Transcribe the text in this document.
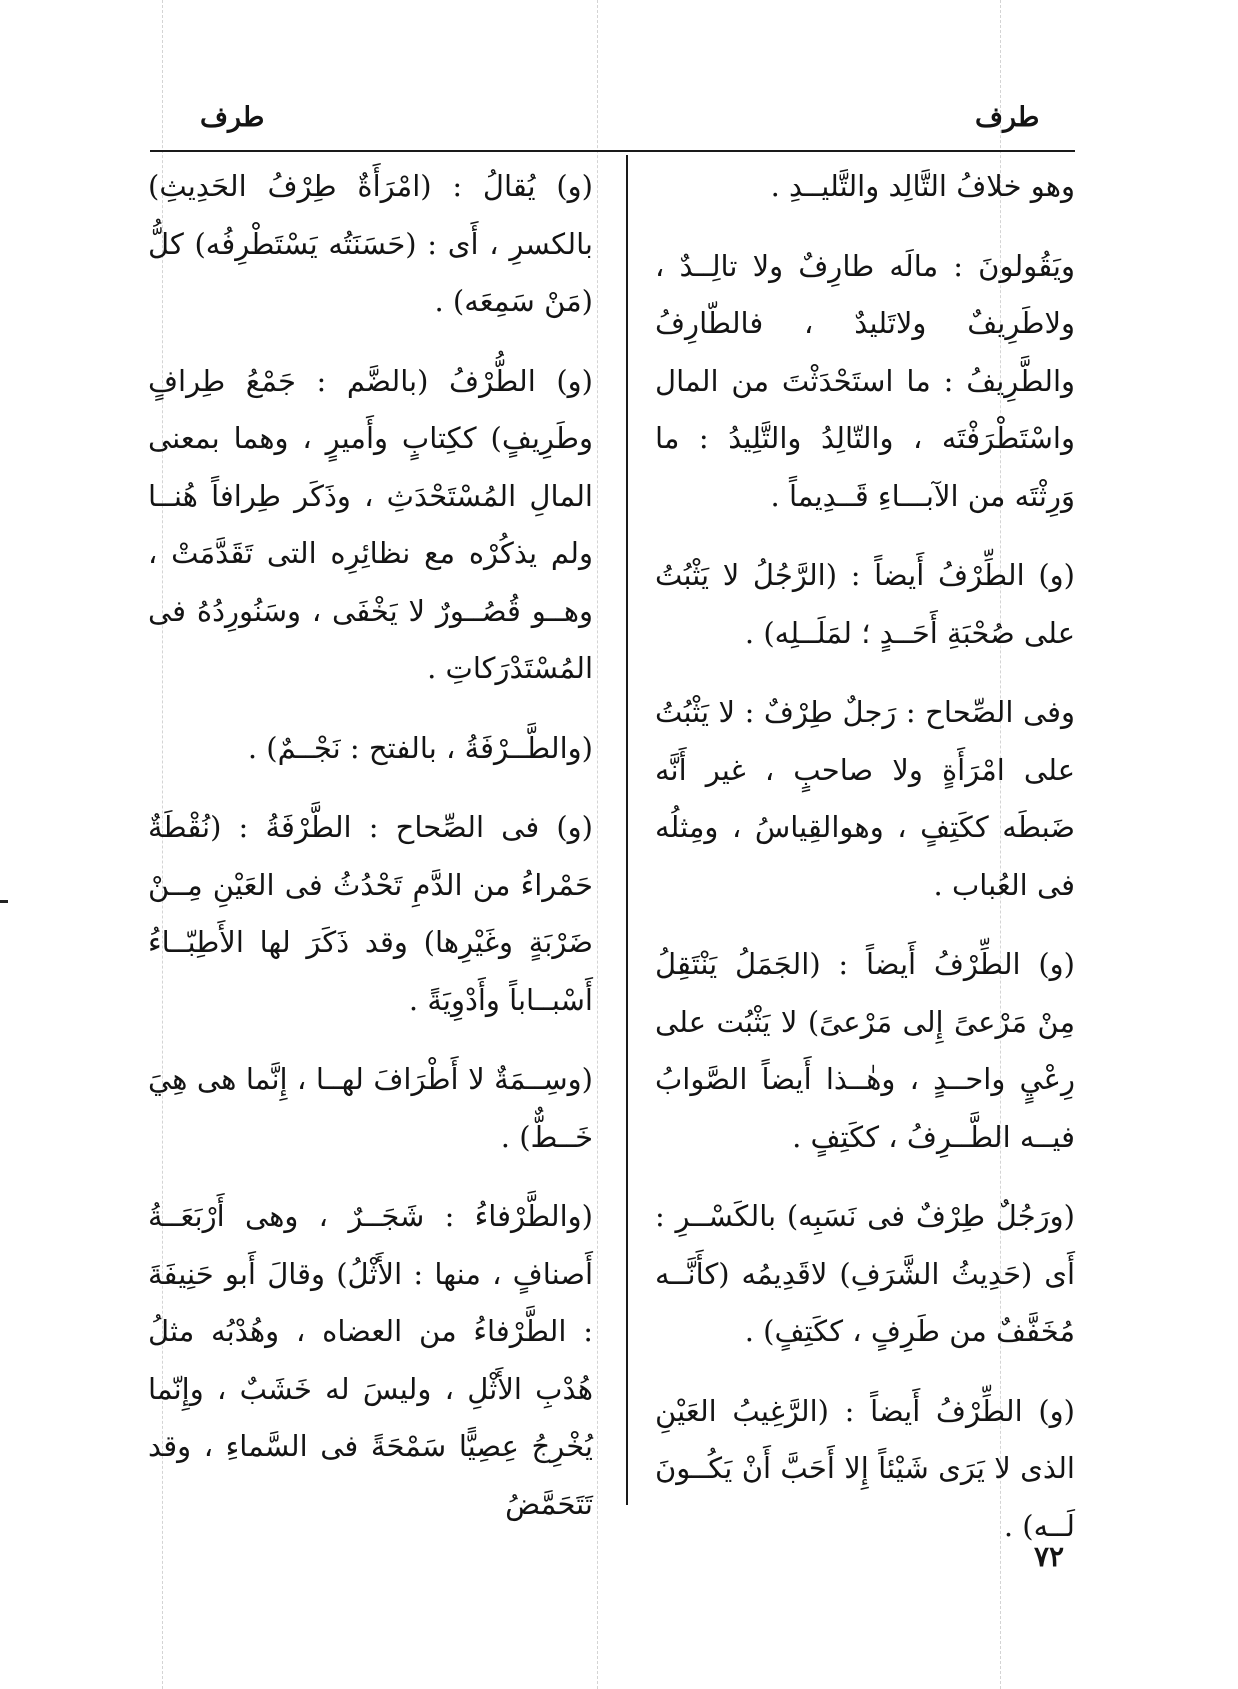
طرف
طرف

وهو خلافُ التَّالِد والتَّليــدِ .

ويَقُولونَ : مالَه طارِفٌ ولا تالِــدٌ ، ولاطَرِيفٌ ولاتَليدٌ ، فالطّارِفُ والطَّرِيفُ : ما استَحْدَثْتَ من المال واسْتَطْرَفْتَه ، والتّالِدُ والتَّلِيدُ : ما وَرِثْتَه من الآبـــاءِ قَــدِيماً .

(و) الطِّرْفُ أَيضاً : (الرَّجُلُ لا يَثْبُتُ على صُحْبَةِ أَحَــدٍ ؛ لمَلَــلِه) .

وفى الصِّحاح : رَجلٌ طِرْفٌ : لا يَثْبُتُ على امْرَأَةٍ ولا صاحبٍ ، غير أَنَّه ضَبطَه ككَتِفٍ ، وهوالقِياسُ ، ومِثلُه فى العُباب .

(و) الطِّرْفُ أَيضاً : (الجَمَلُ يَنْتَقِلُ مِنْ مَرْعىً إِلى مَرْعىً) لا يَثْبُت على رِعْيٍ واحــدٍ ، وهٰــذا أَيضاً الصَّوابُ فيــه الطَّــرِفُ ، ككَتِفٍ .

(ورَجُلٌ طِرْفٌ فى نَسَبِه) بالكَسْــرِ : أَى (حَدِيثُ الشَّرَفِ) لاقَدِيمُه (كأَنَّــه مُخَفَّفٌ من طَرِفٍ ، ككَتِفٍ) .

(و) الطِّرْفُ أَيضاً : (الرَّغِيبُ العَيْنِ الذى لا يَرَى شَيْئاً إِلا أَحَبَّ أَنْ يَكُــونَ لَــه) .

(و) يُقالُ : (امْرَأَةٌ طِرْفُ الحَدِيثِ) بالكسرِ ، أَى : (حَسَنَتُه يَسْتَطْرِفُه) كلُّ (مَنْ سَمِعَه) .

(و) الطُّرْفُ (بالضَّم : جَمْعُ طِرافٍ وطَرِيفٍ) ككِتابٍ وأَميرٍ ، وهما بمعنى المالِ المُسْتَحْدَثِ ، وذَكَر طِرافاً هُنــا ولم يذكُرْه مع نظائِرِه التى تَقَدَّمَتْ ، وهــو قُصُــورٌ لا يَخْفَى ، وسَنُورِدُهُ فى المُسْتَدْرَكاتِ .

(والطَّــرْفَةُ ، بالفتح : نَجْــمٌ) .

(و) فى الصِّحاح : الطَّرْفَةُ : (نُقْطَةٌ حَمْراءُ من الدَّمِ تَحْدُثُ فى العَيْنِ مِــنْ ضَرْبَةٍ وغَيْرِها) وقد ذَكَرَ لها الأَطِبّــاءُ أَسْبــاباً وأَدْوِيَةً .

(وسِــمَةٌ لا أَطْرَافَ لهــا ، إِنَّما هى هِيَ خَــطٌّ) .

(والطَّرْفاءُ : شَجَــرٌ ، وهى أَرْبَعَــةُ أَصنافٍ ، منها : الأَثْلُ) وقالَ أَبو حَنِيفَةَ : الطَّرْفاءُ من العضاه ، وهُدْبُه مثلُ هُدْبِ الأَثْلِ ، وليسَ له خَشَبٌ ، وإِنّما يُخْرِجُ عِصِيًّا سَمْحَةً فى السَّماءِ ، وقد تَتَحَمَّضُ

٧٢
